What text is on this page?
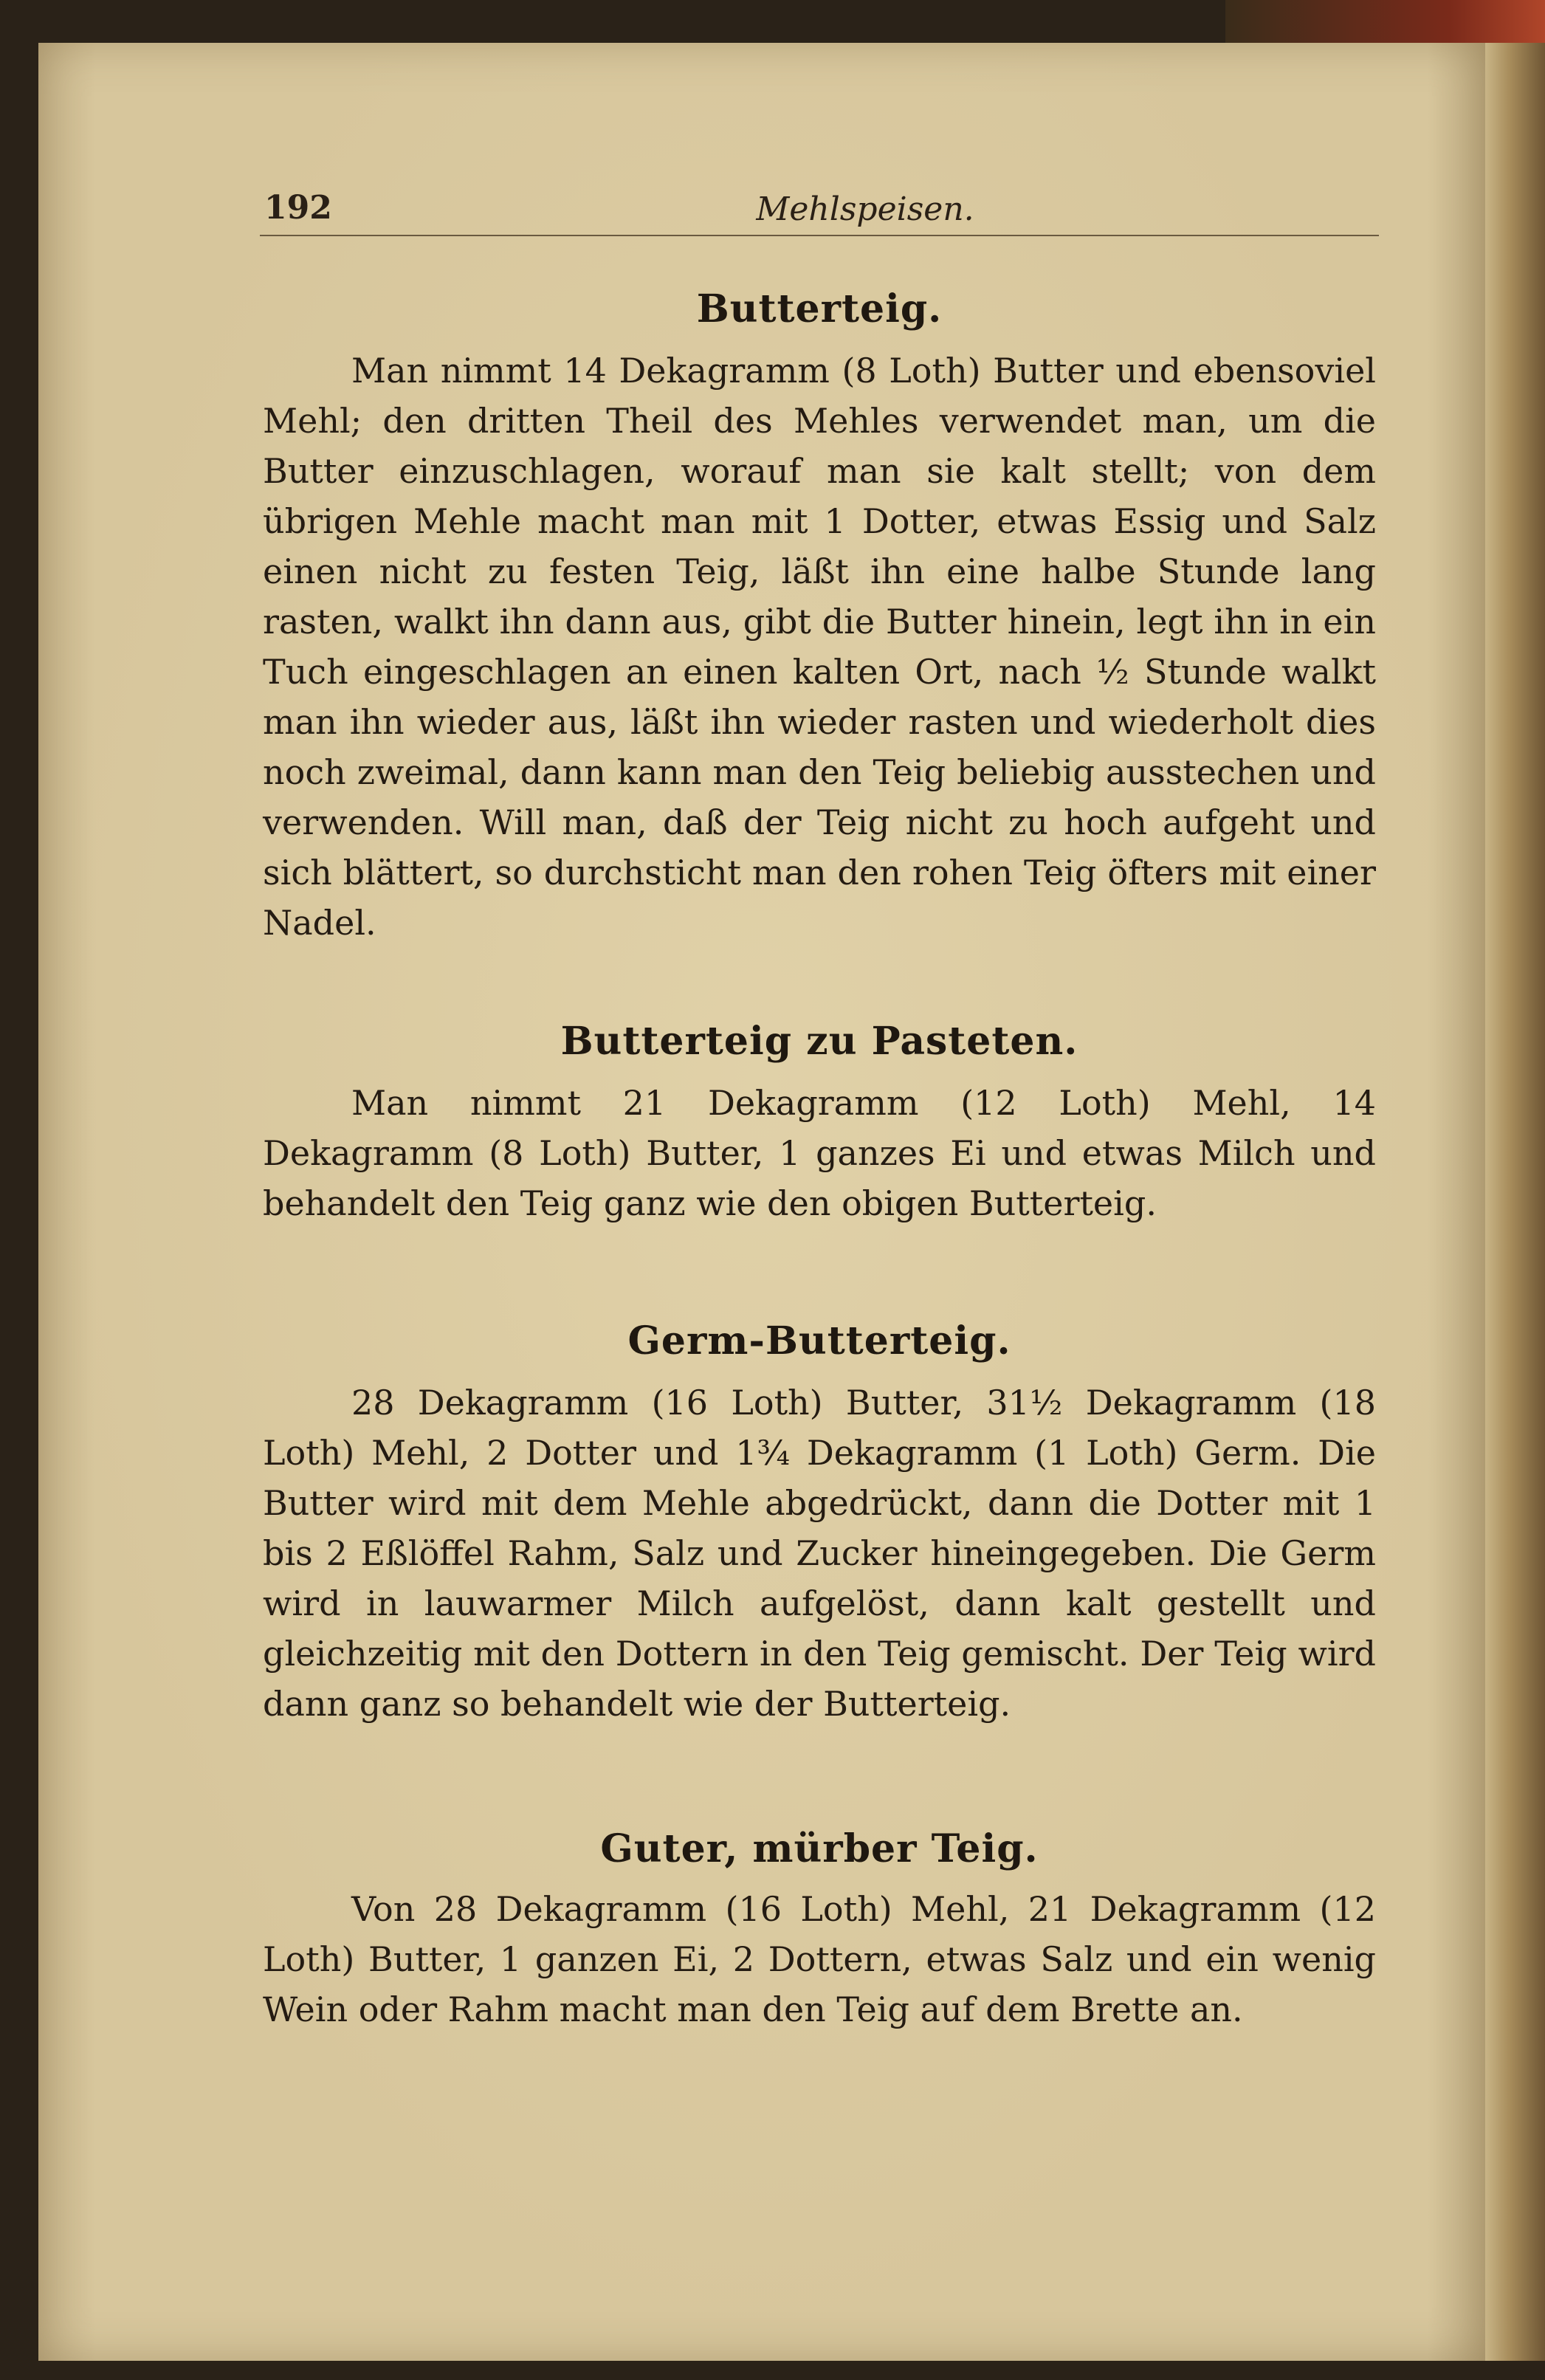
192	Mehlspeisen.
Butterteig.
Man nimmt 14 Dekagramm (8 Loth) Butter und ebensoviel Mehl; den dritten Theil des Mehles verwendet man, um die Butter einzuschlagen, worauf man sie kalt stellt; von dem übrigen Mehle macht man mit 1 Dotter, etwas Essig und Salz einen nicht zu festen Teig, läßt ihn eine halbe Stunde lang rasten, walkt ihn dann aus, gibt die Butter hinein, legt ihn in ein Tuch eingeschlagen an einen kalten Ort, nach ½ Stunde walkt man ihn wieder aus, läßt ihn wieder rasten und wiederholt dies noch zweimal, dann kann man den Teig beliebig ausstechen und verwenden. Will man, daß der Teig nicht zu hoch aufgeht und sich blättert, so durchsticht man den rohen Teig öfters mit einer Nadel.
Butterteig zu Pasteten.
Man nimmt 21 Dekagramm (12 Loth) Mehl, 14 Dekagramm (8 Loth) Butter, 1 ganzes Ei und etwas Milch und behandelt den Teig ganz wie den obigen Butterteig.
Germ-Butterteig.
28 Dekagramm (16 Loth) Butter, 31½ Dekagramm (18 Loth) Mehl, 2 Dotter und 1¾ Dekagramm (1 Loth) Germ. Die Butter wird mit dem Mehle abgedrückt, dann die Dotter mit 1 bis 2 Eßlöffel Rahm, Salz und Zucker hineingegeben. Die Germ wird in lauwarmer Milch aufgelöst, dann kalt gestellt und gleichzeitig mit den Dottern in den Teig gemischt. Der Teig wird dann ganz so behandelt wie der Butterteig.
Guter, mürber Teig.
Von 28 Dekagramm (16 Loth) Mehl, 21 Dekagramm (12 Loth) Butter, 1 ganzen Ei, 2 Dottern, etwas Salz und ein wenig Wein oder Rahm macht man den Teig auf dem Brette an.
